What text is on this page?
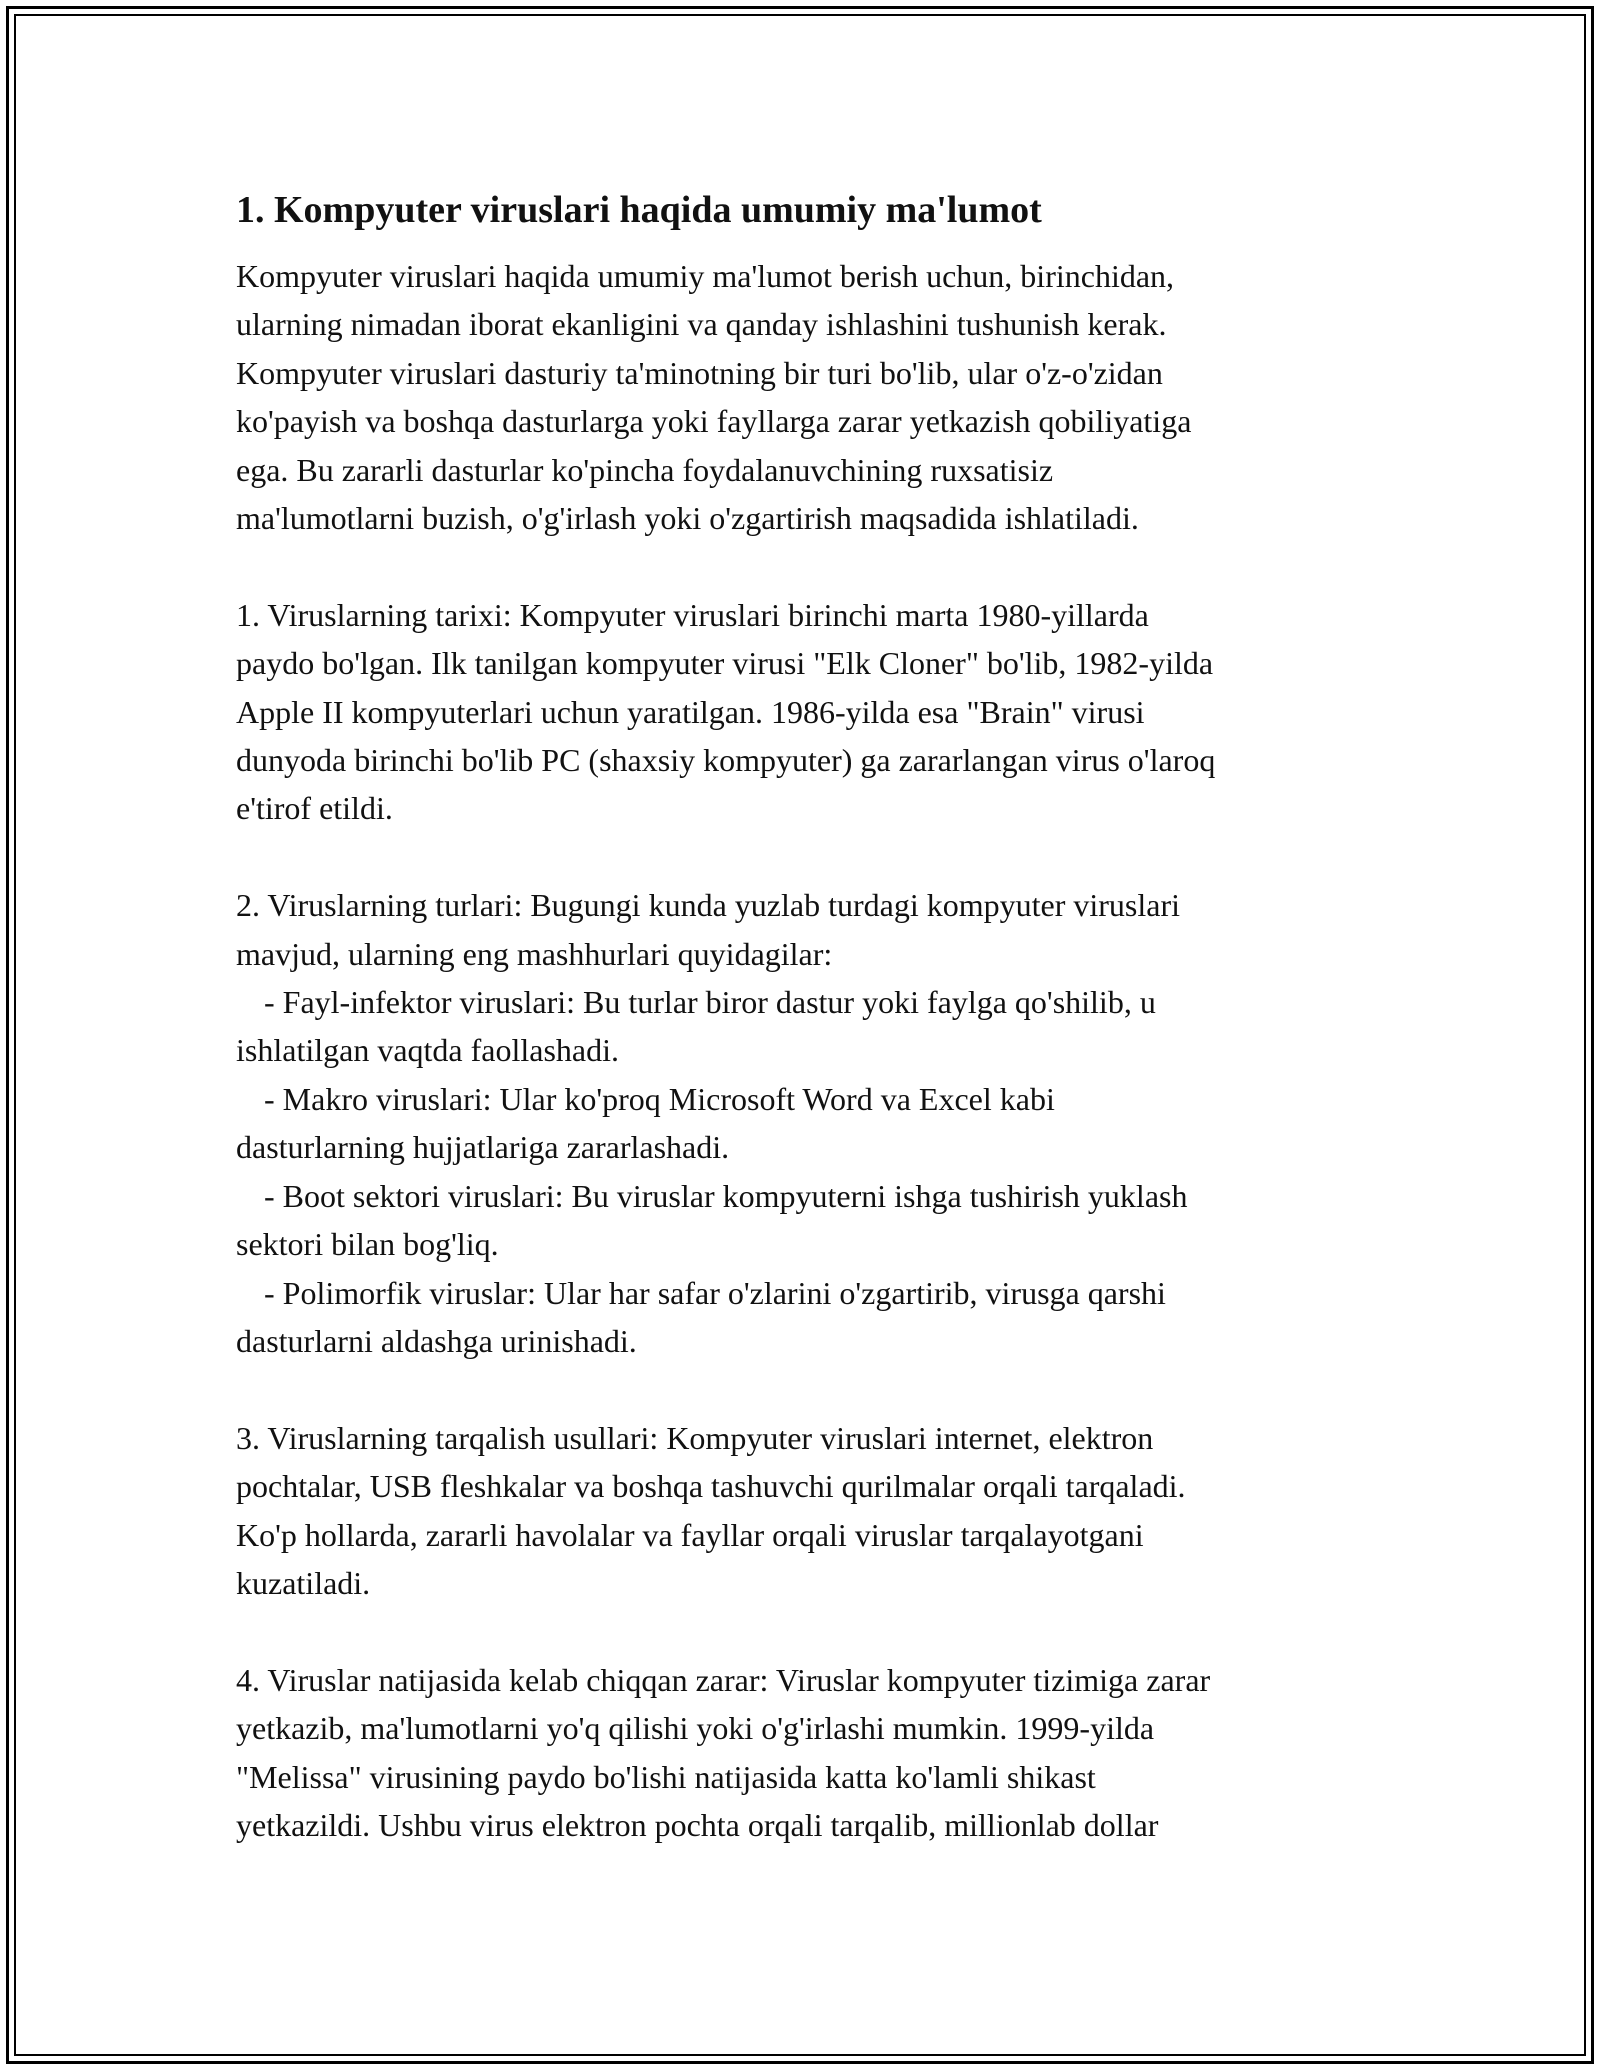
1. Kompyuter viruslari haqida umumiy ma'lumot

Kompyuter viruslari haqida umumiy ma'lumot berish uchun, birinchidan,

ularning nimadan iborat ekanligini va qanday ishlashini tushunish kerak.

Kompyuter viruslari dasturiy ta'minotning bir turi bo'lib, ular o'z-o'zidan

ko'payish va boshqa dasturlarga yoki fayllarga zarar yetkazish qobiliyatiga

ega. Bu zararli dasturlar ko'pincha foydalanuvchining ruxsatisiz

ma'lumotlarni buzish, o'g'irlash yoki o'zgartirish maqsadida ishlatiladi.

1. Viruslarning tarixi: Kompyuter viruslari birinchi marta 1980-yillarda

paydo bo'lgan. Ilk tanilgan kompyuter virusi "Elk Cloner" bo'lib, 1982-yilda

Apple II kompyuterlari uchun yaratilgan. 1986-yilda esa "Brain" virusi

dunyoda birinchi bo'lib PC (shaxsiy kompyuter) ga zararlangan virus o'laroq

e'tirof etildi.

2. Viruslarning turlari: Bugungi kunda yuzlab turdagi kompyuter viruslari

mavjud, ularning eng mashhurlari quyidagilar:

- Fayl-infektor viruslari: Bu turlar biror dastur yoki faylga qo'shilib, u

ishlatilgan vaqtda faollashadi.

- Makro viruslari: Ular ko'proq Microsoft Word va Excel kabi

dasturlarning hujjatlariga zararlashadi.

- Boot sektori viruslari: Bu viruslar kompyuterni ishga tushirish yuklash

sektori bilan bog'liq.

- Polimorfik viruslar: Ular har safar o'zlarini o'zgartirib, virusga qarshi

dasturlarni aldashga urinishadi.

3. Viruslarning tarqalish usullari: Kompyuter viruslari internet, elektron

pochtalar, USB fleshkalar va boshqa tashuvchi qurilmalar orqali tarqaladi.

Ko'p hollarda, zararli havolalar va fayllar orqali viruslar tarqalayotgani

kuzatiladi.

4. Viruslar natijasida kelab chiqqan zarar: Viruslar kompyuter tizimiga zarar

yetkazib, ma'lumotlarni yo'q qilishi yoki o'g'irlashi mumkin. 1999-yilda

"Melissa" virusining paydo bo'lishi natijasida katta ko'lamli shikast

yetkazildi. Ushbu virus elektron pochta orqali tarqalib, millionlab dollar
